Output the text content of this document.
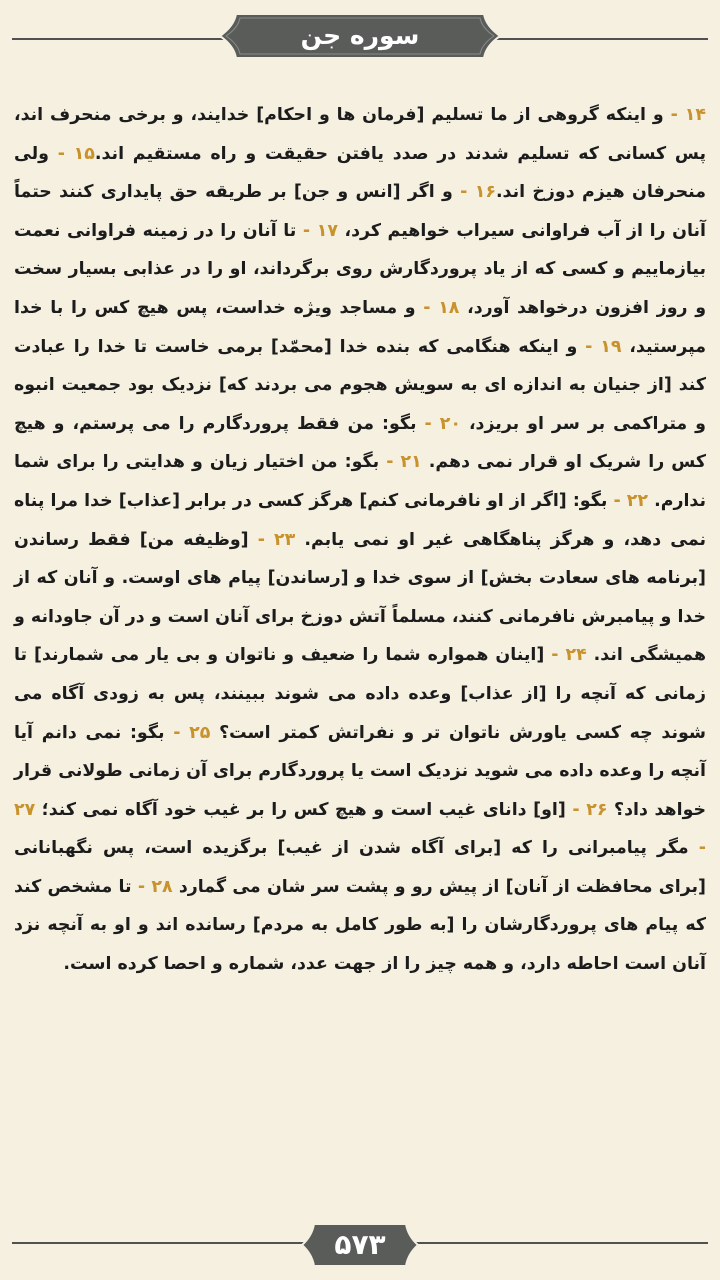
سوره جن
۱۴ - و اینکه گروهی از ما تسلیم [فرمان ها و احکام] خدایند، و برخی منحرف اند، پس کسانی که تسلیم شدند در صدد یافتن حقیقت و راه مستقیم اند.۱۵ - ولی منحرفان هیزم دوزخ اند.۱۶ - و اگر [انس و جن] بر طریقه حق پایداری کنند حتماً آنان را از آب فراوانی سیراب خواهیم کرد، ۱۷ - تا آنان را در زمینه فراوانی نعمت بیازماییم و کسی که از یاد پروردگارش روی برگرداند، او را در عذابی بسیار سخت و روز افزون درخواهد آورد، ۱۸ - و مساجد ویژه خداست، پس هیچ کس را با خدا مپرستید، ۱۹ - و اینکه هنگامی که بنده خدا [محمّد] برمی خاست تا خدا را عبادت کند [از جنیان به اندازه ای به سویش هجوم می بردند که] نزدیک بود جمعیت انبوه و متراکمی بر سر او بریزد، ۲۰ - بگو: من فقط پروردگارم را می پرستم، و هیچ کس را شریک او قرار نمی دهم. ۲۱ - بگو: من اختیار زیان و هدایتی را برای شما ندارم. ۲۲ - بگو: [اگر از او نافرمانی کنم] هرگز کسی در برابر [عذاب] خدا مرا پناه نمی دهد، و هرگز پناهگاهی غیر او نمی یابم. ۲۳ - [وظیفه من] فقط رساندن [برنامه های سعادت بخش] از سوی خدا و [رساندن] پیام های اوست. و آنان که از خدا و پیامبرش نافرمانی کنند، مسلماً آتش دوزخ برای آنان است و در آن جاودانه و همیشگی اند. ۲۴ - [اینان همواره شما را ضعیف و ناتوان و بی یار می شمارند] تا زمانی که آنچه را [از عذاب] وعده داده می شوند ببینند، پس به زودی آگاه می شوند چه کسی یاورش ناتوان تر و نفراتش کمتر است؟ ۲۵ - بگو: نمی دانم آیا آنچه را وعده داده می شوید نزدیک است یا پروردگارم برای آن زمانی طولانی قرار خواهد داد؟ ۲۶ - [او] دانای غیب است و هیچ کس را بر غیب خود آگاه نمی کند؛ ۲۷ - مگر پیامبرانی را که [برای آگاه شدن از غیب] برگزیده است، پس نگهبانانی [برای محافظت از آنان] از پیش رو و پشت سر شان می گمارد ۲۸ - تا مشخص کند که پیام های پروردگارشان را [به طور کامل به مردم] رسانده اند و او به آنچه نزد آنان است احاطه دارد، و همه چیز را از جهت عدد، شماره و احصا کرده است.
۵۷۳
